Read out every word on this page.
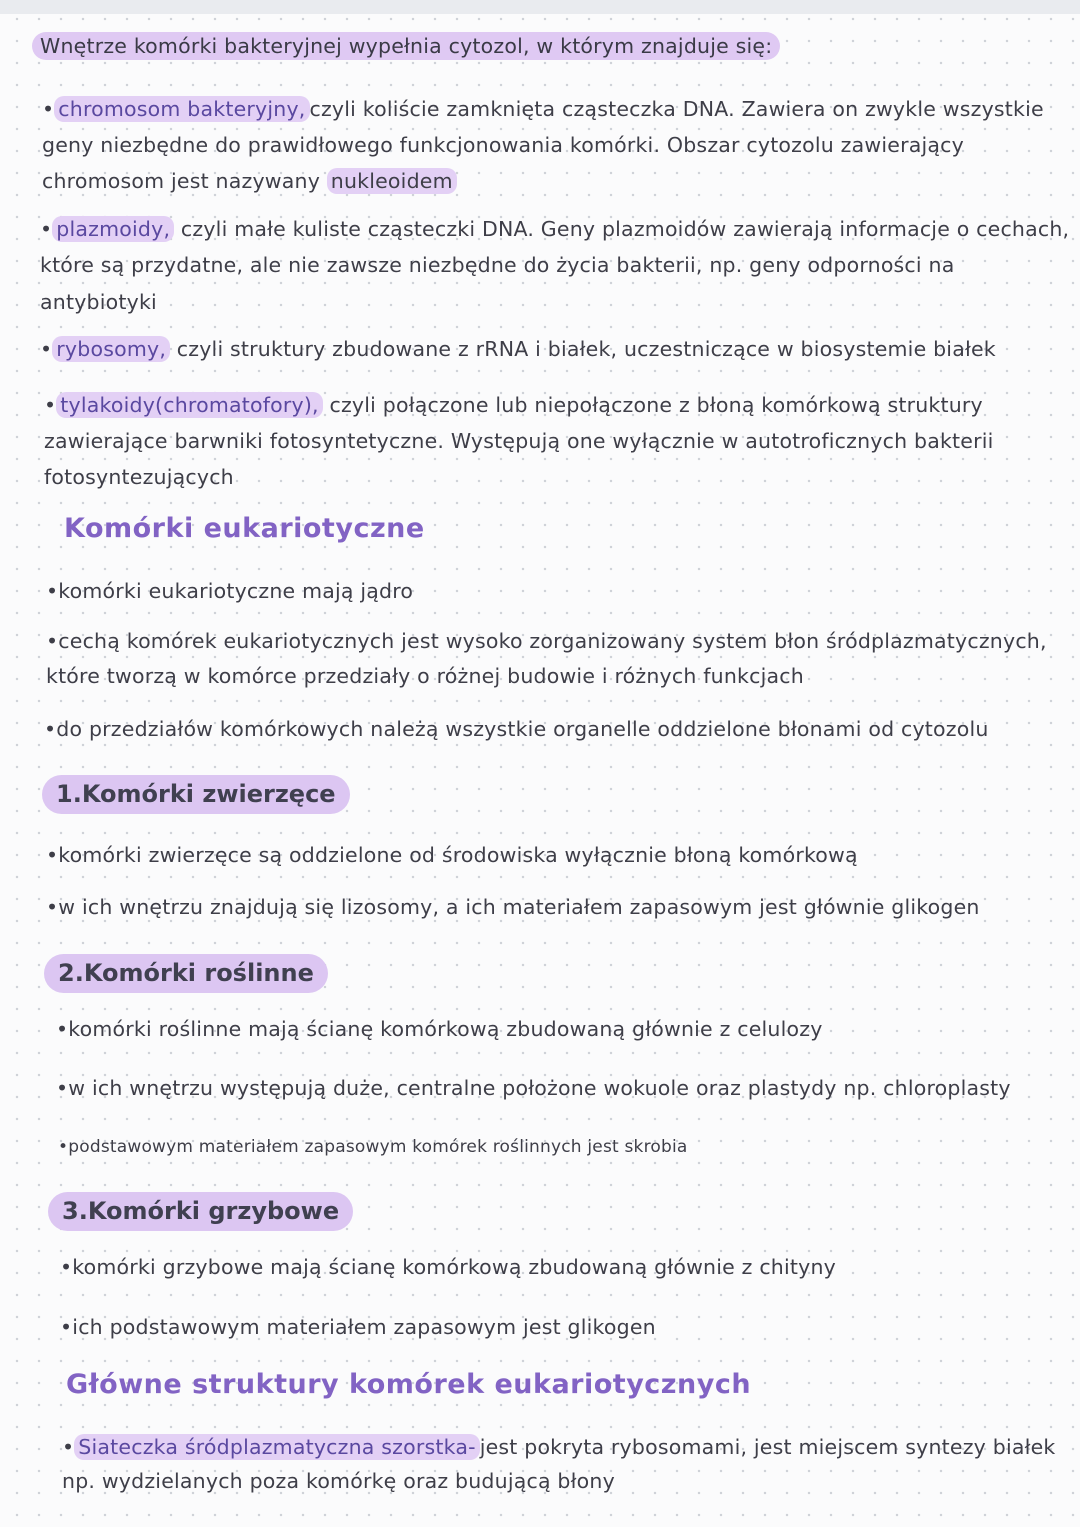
Wnętrze komórki bakteryjnej wypełnia cytozol, w którym znajduje się:

• chromosom bakteryjny, czyli koliście zamknięta cząsteczka DNA. Zawiera on zwykle wszystkie

geny niezbędne do prawidłowego funkcjonowania komórki. Obszar cytozolu zawierający

chromosom jest nazywany nukleoidem

• plazmoidy, czyli małe kuliste cząsteczki DNA. Geny plazmoidów zawierają informacje o cechach,

które są przydatne, ale nie zawsze niezbędne do życia bakterii, np. geny odporności na

antybiotyki

• rybosomy, czyli struktury zbudowane z rRNA i białek, uczestniczące w biosystemie białek

• tylakoidy(chromatofory), czyli połączone lub niepołączone z błoną komórkową struktury

zawierające barwniki fotosyntetyczne. Występują one wyłącznie w autotroficznych bakterii

fotosyntezujących

Komórki eukariotyczne

•komórki eukariotyczne mają jądro

•cechą komórek eukariotycznych jest wysoko zorganizowany system błon śródplazmatycznych,

które tworzą w komórce przedziały o różnej budowie i różnych funkcjach

•do przedziałów komórkowych należą wszystkie organelle oddzielone błonami od cytozolu

1.Komórki zwierzęce

•komórki zwierzęce są oddzielone od środowiska wyłącznie błoną komórkową

•w ich wnętrzu znajdują się lizosomy, a ich materiałem zapasowym jest głównie glikogen

2.Komórki roślinne

•komórki roślinne mają ścianę komórkową zbudowaną głównie z celulozy

•w ich wnętrzu występują duże, centralne położone wokuole oraz plastydy np. chloroplasty

•podstawowym materiałem zapasowym komórek roślinnych jest skrobia

3.Komórki grzybowe

•komórki grzybowe mają ścianę komórkową zbudowaną głównie z chityny

•ich podstawowym materiałem zapasowym jest glikogen

Główne struktury komórek eukariotycznych

• Siateczka śródplazmatyczna szorstka- jest pokryta rybosomami, jest miejscem syntezy białek

np. wydzielanych poza komórkę oraz budującą błony
